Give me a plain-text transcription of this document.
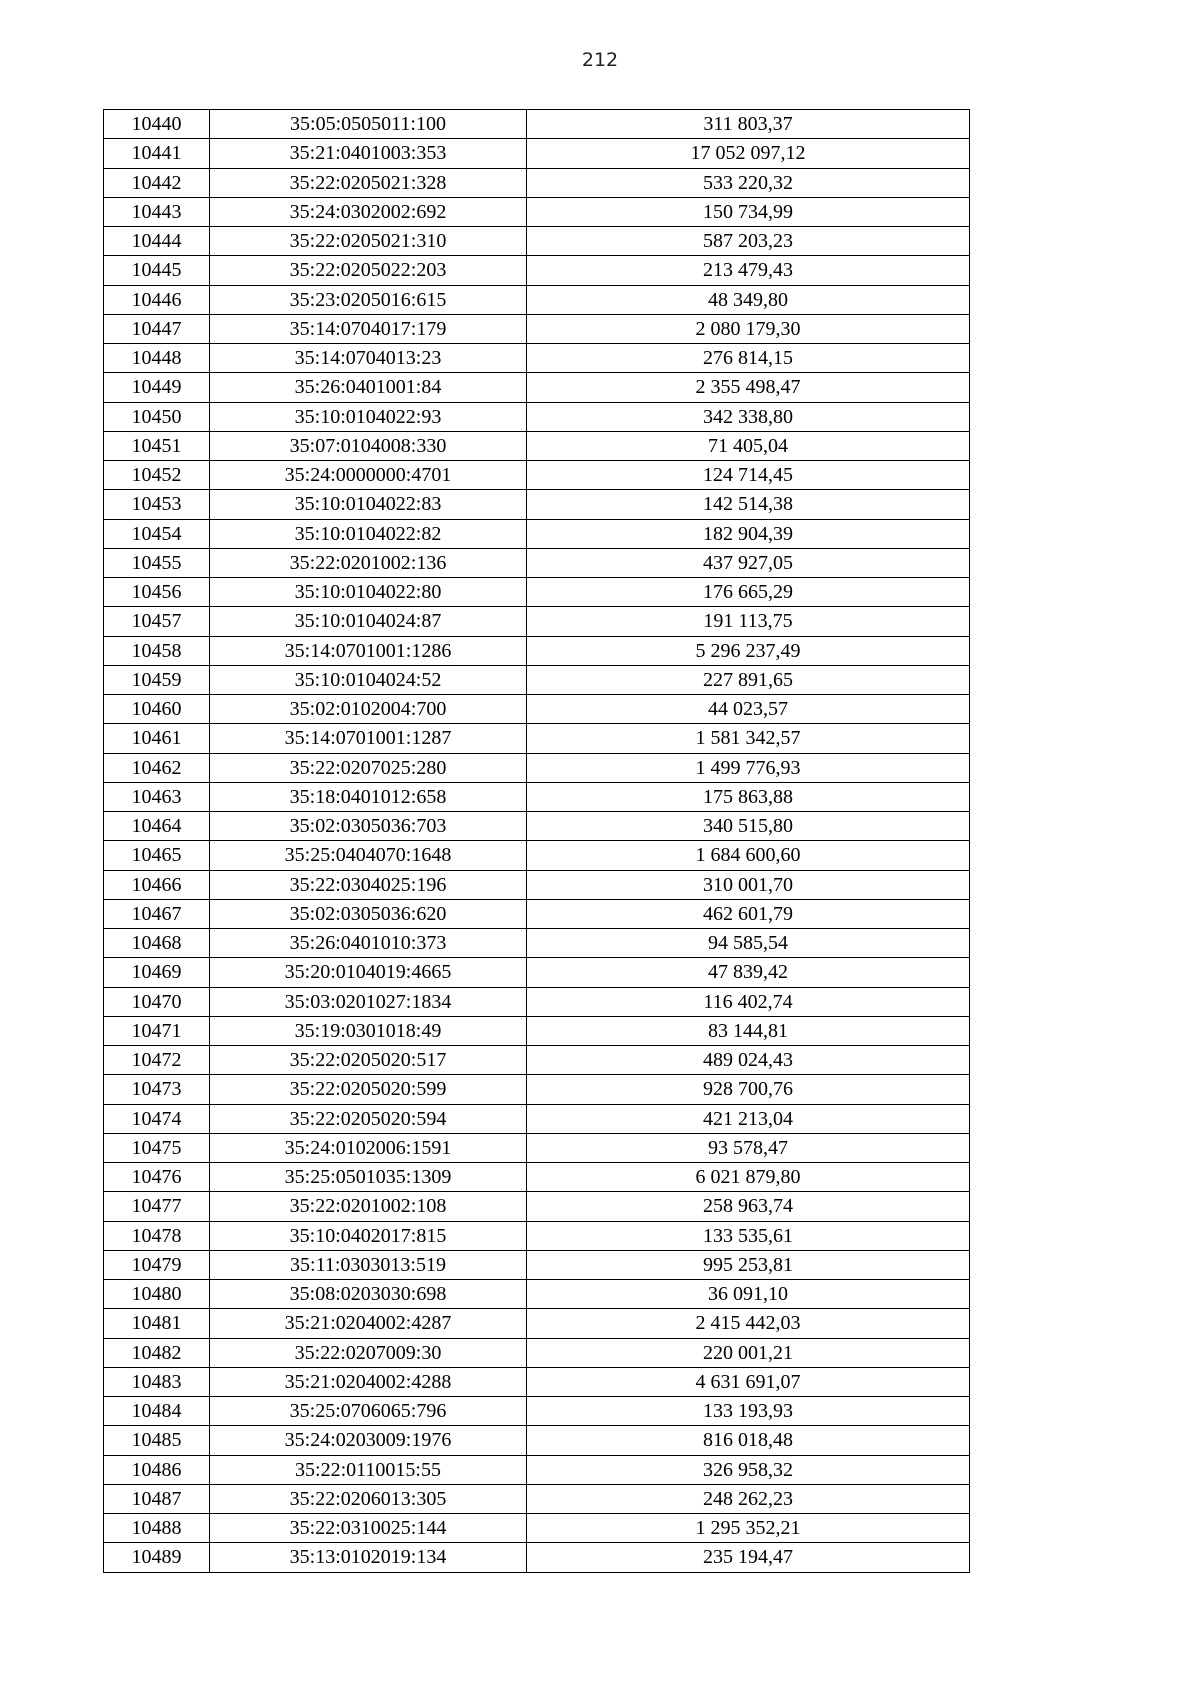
212
10440	35:05:0505011:100	311 803,37
10441	35:21:0401003:353	17 052 097,12
10442	35:22:0205021:328	533 220,32
10443	35:24:0302002:692	150 734,99
10444	35:22:0205021:310	587 203,23
10445	35:22:0205022:203	213 479,43
10446	35:23:0205016:615	48 349,80
10447	35:14:0704017:179	2 080 179,30
10448	35:14:0704013:23	276 814,15
10449	35:26:0401001:84	2 355 498,47
10450	35:10:0104022:93	342 338,80
10451	35:07:0104008:330	71 405,04
10452	35:24:0000000:4701	124 714,45
10453	35:10:0104022:83	142 514,38
10454	35:10:0104022:82	182 904,39
10455	35:22:0201002:136	437 927,05
10456	35:10:0104022:80	176 665,29
10457	35:10:0104024:87	191 113,75
10458	35:14:0701001:1286	5 296 237,49
10459	35:10:0104024:52	227 891,65
10460	35:02:0102004:700	44 023,57
10461	35:14:0701001:1287	1 581 342,57
10462	35:22:0207025:280	1 499 776,93
10463	35:18:0401012:658	175 863,88
10464	35:02:0305036:703	340 515,80
10465	35:25:0404070:1648	1 684 600,60
10466	35:22:0304025:196	310 001,70
10467	35:02:0305036:620	462 601,79
10468	35:26:0401010:373	94 585,54
10469	35:20:0104019:4665	47 839,42
10470	35:03:0201027:1834	116 402,74
10471	35:19:0301018:49	83 144,81
10472	35:22:0205020:517	489 024,43
10473	35:22:0205020:599	928 700,76
10474	35:22:0205020:594	421 213,04
10475	35:24:0102006:1591	93 578,47
10476	35:25:0501035:1309	6 021 879,80
10477	35:22:0201002:108	258 963,74
10478	35:10:0402017:815	133 535,61
10479	35:11:0303013:519	995 253,81
10480	35:08:0203030:698	36 091,10
10481	35:21:0204002:4287	2 415 442,03
10482	35:22:0207009:30	220 001,21
10483	35:21:0204002:4288	4 631 691,07
10484	35:25:0706065:796	133 193,93
10485	35:24:0203009:1976	816 018,48
10486	35:22:0110015:55	326 958,32
10487	35:22:0206013:305	248 262,23
10488	35:22:0310025:144	1 295 352,21
10489	35:13:0102019:134	235 194,47
